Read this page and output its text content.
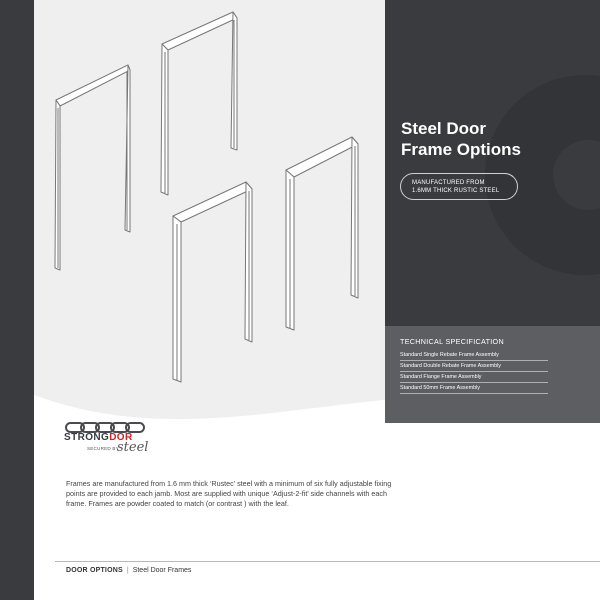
Steel Door
Frame Options
MANUFACTURED FROM
1.6MM THICK RUSTIC STEEL
TECHNICAL SPECIFICATION
Standard Single Rebate Frame Assembly
Standard Double Rebate Frame Assembly
Standard Flange Frame Assembly
Standard 50mm Frame Assembly
STRONGDOR
SECURED BY
steel

Frames are manufactured from 1.6 mm thick ‘Rustec’ steel with a minimum of six fully adjustable fixing points are provided to each jamb. Most are supplied with unique ‘Adjust-2-fit’ side channels with each frame. Frames are powder coated to match (or contrast ) with the leaf.

DOOR OPTIONS | Steel Door Frames
